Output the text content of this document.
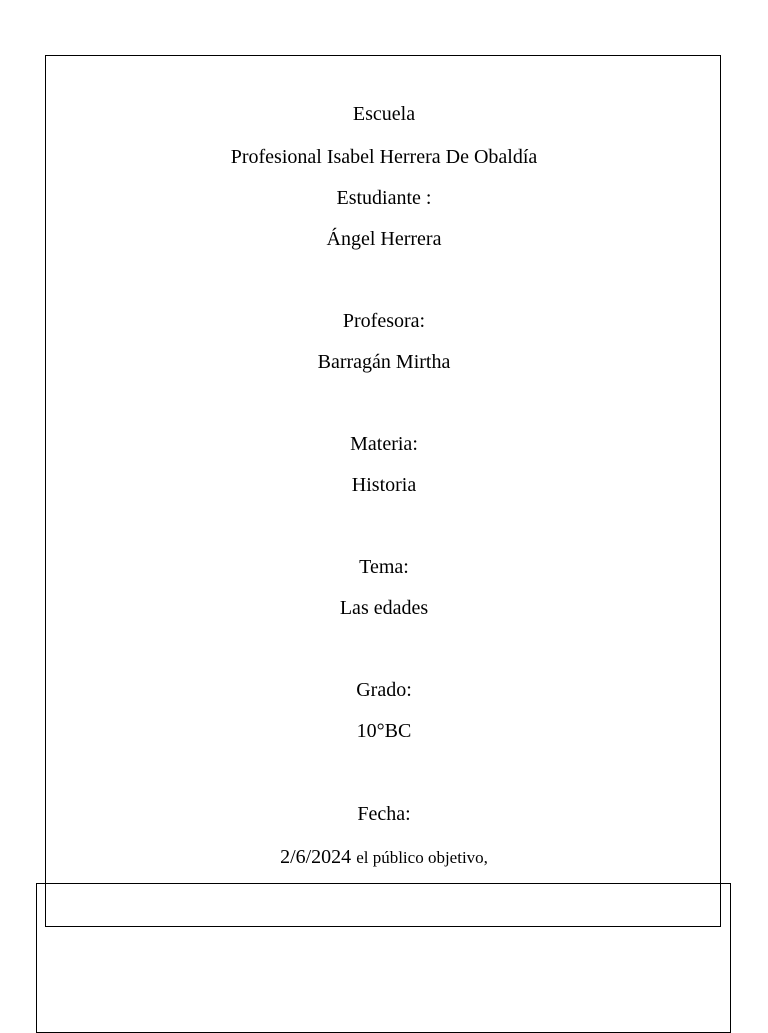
Escuela
Profesional Isabel Herrera De Obaldía
Estudiante :
Ángel Herrera
Profesora:
Barragán Mirtha
Materia:
Historia
Tema:
Las edades
Grado:
10°BC
Fecha:
2/6/2024 el público objetivo,
